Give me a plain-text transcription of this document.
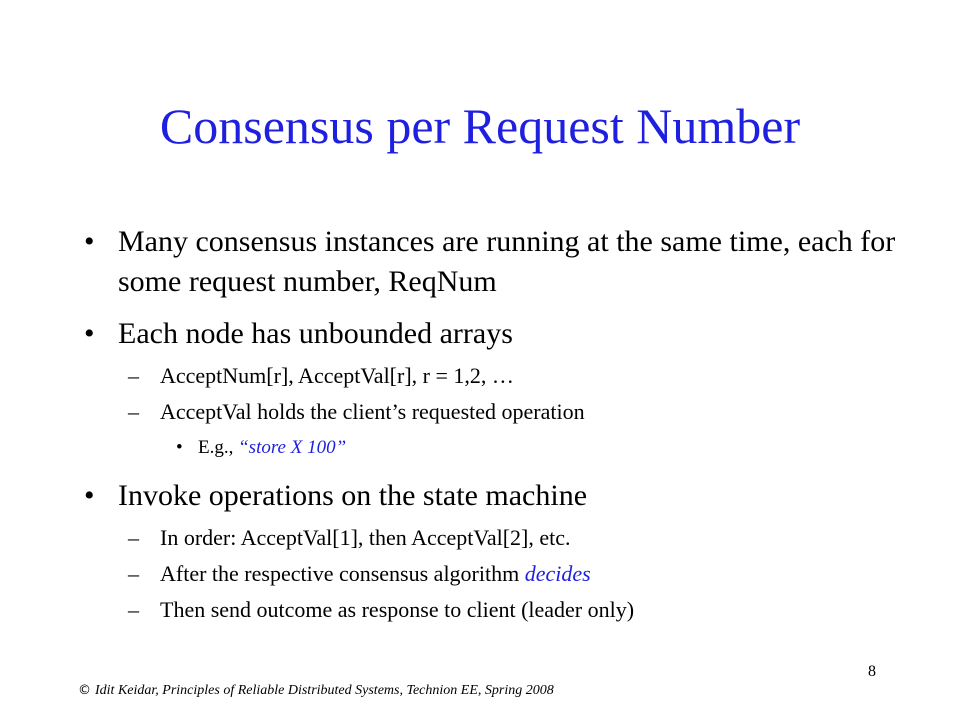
Consensus per Request Number
• Many consensus instances are running at the same time, each for some request number, ReqNum
• Each node has unbounded arrays
– AcceptNum[r], AcceptVal[r], r = 1,2, …
– AcceptVal holds the client’s requested operation
• E.g., “store X 100”
• Invoke operations on the state machine
– In order: AcceptVal[1], then AcceptVal[2], etc.
– After the respective consensus algorithm decides
– Then send outcome as response to client (leader only)
8
© Idit Keidar, Principles of Reliable Distributed Systems, Technion EE, Spring 2008
